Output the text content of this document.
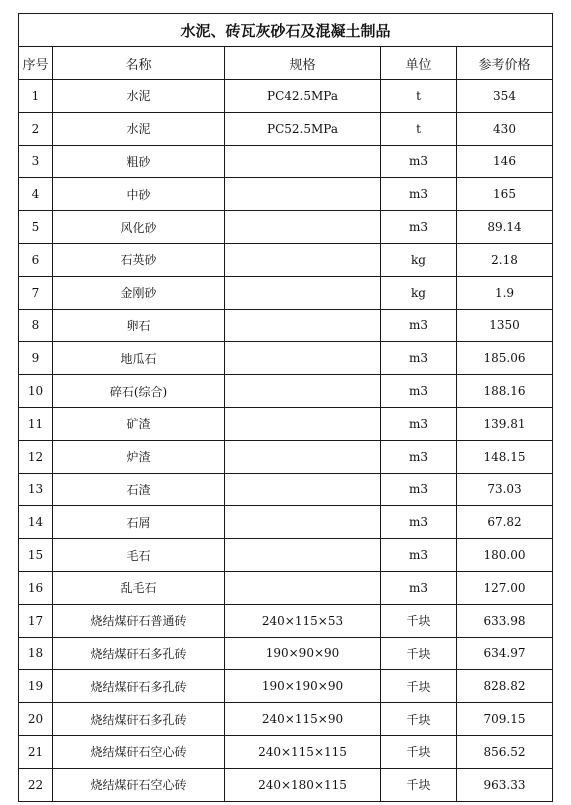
水泥、砖瓦灰砂石及混凝土制品				
序号	名称	规格	单位	参考价格
1	水泥	PC42.5MPa	t	354
2	水泥	PC52.5MPa	t	430
3	粗砂		m3	146
4	中砂		m3	165
5	风化砂		m3	89.14
6	石英砂		kg	2.18
7	金刚砂		kg	1.9
8	卵石		m3	1350
9	地瓜石		m3	185.06
10	碎石(综合)		m3	188.16
11	矿渣		m3	139.81
12	炉渣		m3	148.15
13	石渣		m3	73.03
14	石屑		m3	67.82
15	毛石		m3	180.00
16	乱毛石		m3	127.00
17	烧结煤矸石普通砖	240×115×53	千块	633.98
18	烧结煤矸石多孔砖	190×90×90	千块	634.97
19	烧结煤矸石多孔砖	190×190×90	千块	828.82
20	烧结煤矸石多孔砖	240×115×90	千块	709.15
21	烧结煤矸石空心砖	240×115×115	千块	856.52
22	烧结煤矸石空心砖	240×180×115	千块	963.33
